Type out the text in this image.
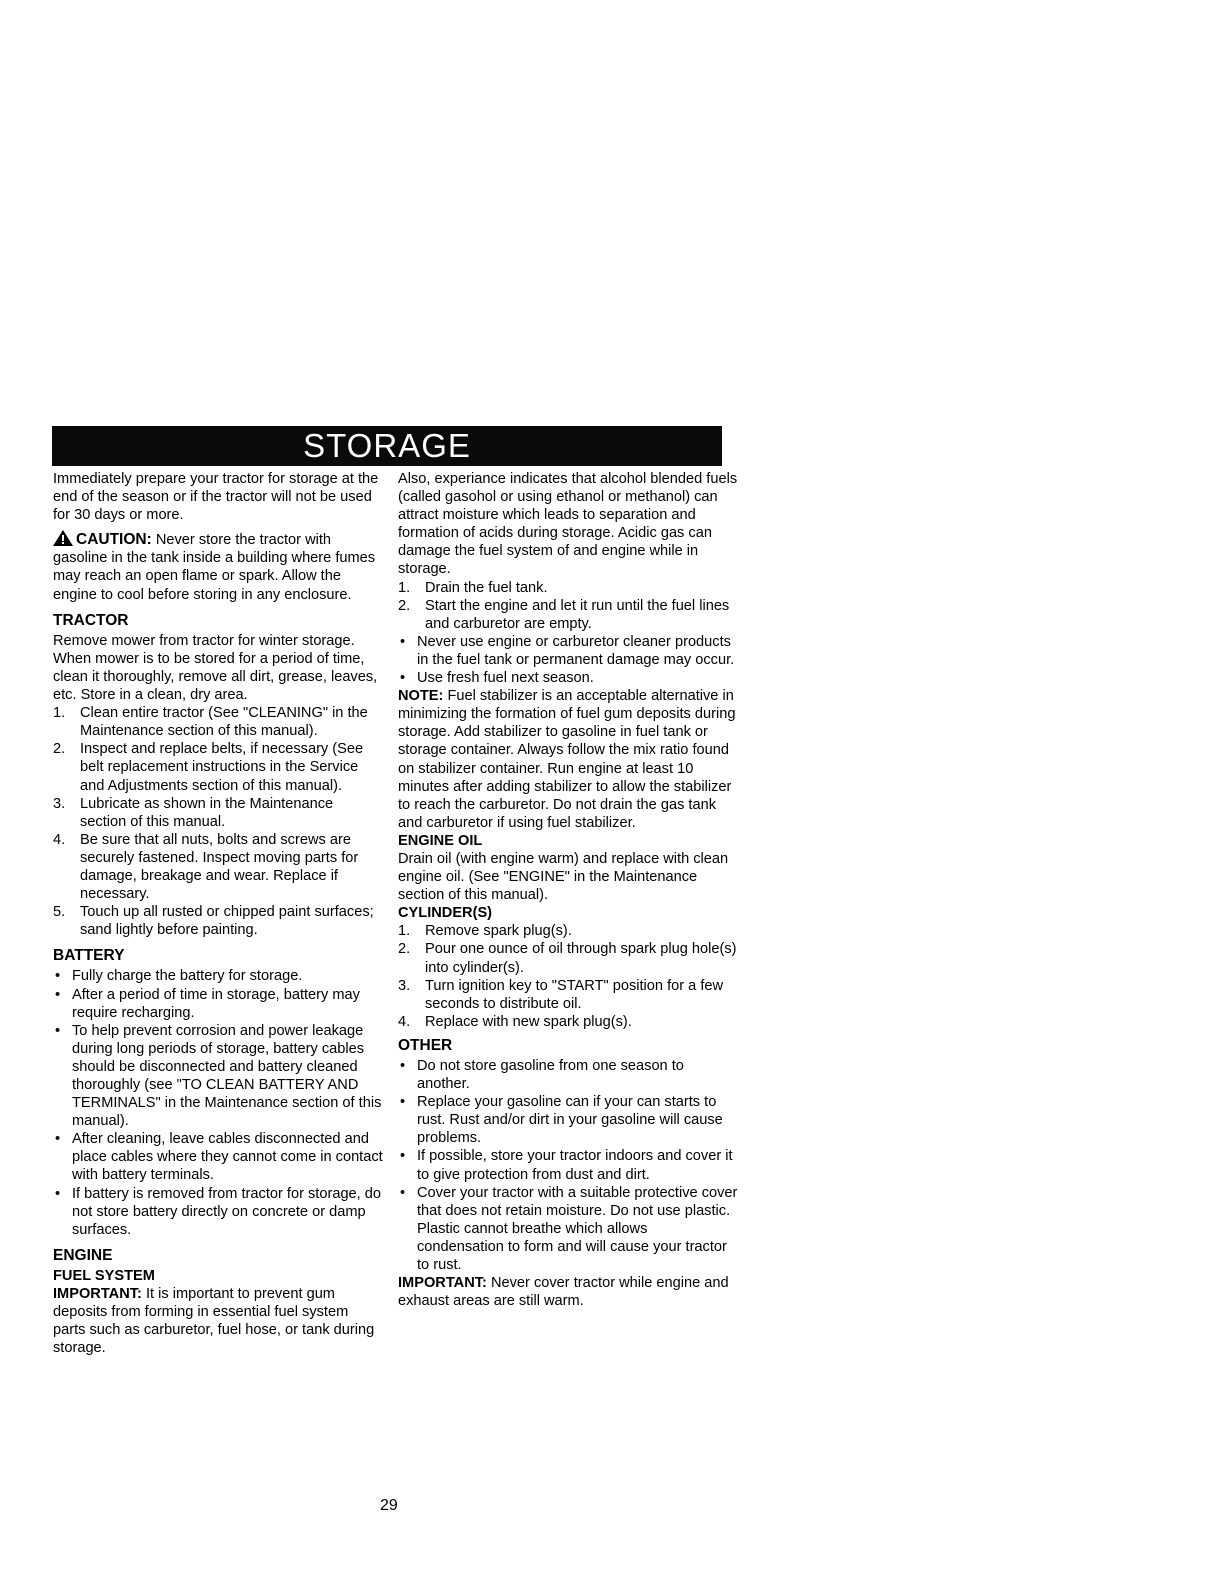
STORAGE

Immediately prepare your tractor for storage at the end of the season or if the tractor will not be used for 30 days or more.

CAUTION: Never store the tractor with gasoline in the tank inside a building where fumes may reach an open flame or spark. Allow the engine to cool before storing in any enclosure.

TRACTOR

Remove mower from tractor for winter storage. When mower is to be stored for a period of time, clean it thoroughly, remove all dirt, grease, leaves, etc. Store in a clean, dry area.

1. Clean entire tractor (See "CLEANING" in the Maintenance section of this manual).
2. Inspect and replace belts, if necessary (See belt replacement instructions in the Service and Adjustments section of this manual).
3. Lubricate as shown in the Maintenance section of this manual.
4. Be sure that all nuts, bolts and screws are securely fastened. Inspect moving parts for damage, breakage and wear. Replace if necessary.
5. Touch up all rusted or chipped paint surfaces; sand lightly before painting.

BATTERY

• Fully charge the battery for storage.
• After a period of time in storage, battery may require recharging.
• To help prevent corrosion and power leakage during long periods of storage, battery cables should be disconnected and battery cleaned thoroughly (see "TO CLEAN BATTERY AND TERMINALS" in the Maintenance section of this manual).
• After cleaning, leave cables disconnected and place cables where they cannot come in contact with battery terminals.
• If battery is removed from tractor for storage, do not store battery directly on concrete or damp surfaces.

ENGINE

FUEL SYSTEM

IMPORTANT: It is important to prevent gum deposits from forming in essential fuel system parts such as carburetor, fuel hose, or tank during storage.

Also, experiance indicates that alcohol blended fuels (called gasohol or using ethanol or methanol) can attract moisture which leads to separation and formation of acids during storage. Acidic gas can damage the fuel system of and engine while in storage.

1. Drain the fuel tank.
2. Start the engine and let it run until the fuel lines and carburetor are empty.
• Never use engine or carburetor cleaner products in the fuel tank or permanent damage may occur.
• Use fresh fuel next season.

NOTE: Fuel stabilizer is an acceptable alternative in minimizing the formation of fuel gum deposits during storage. Add stabilizer to gasoline in fuel tank or storage container. Always follow the mix ratio found on stabilizer container. Run engine at least 10 minutes after adding stabilizer to allow the stabilizer to reach the carburetor. Do not drain the gas tank and carburetor if using fuel stabilizer.

ENGINE OIL

Drain oil (with engine warm) and replace with clean engine oil. (See "ENGINE" in the Maintenance section of this manual).

CYLINDER(S)

1. Remove spark plug(s).
2. Pour one ounce of oil through spark plug hole(s) into cylinder(s).
3. Turn ignition key to "START" position for a few seconds to distribute oil.
4. Replace with new spark plug(s).

OTHER

• Do not store gasoline from one season to another.
• Replace your gasoline can if your can starts to rust. Rust and/or dirt in your gasoline will cause problems.
• If possible, store your tractor indoors and cover it to give protection from dust and dirt.
• Cover your tractor with a suitable protective cover that does not retain moisture. Do not use plastic. Plastic cannot breathe which allows condensation to form and will cause your tractor to rust.

IMPORTANT: Never cover tractor while engine and exhaust areas are still warm.

29
